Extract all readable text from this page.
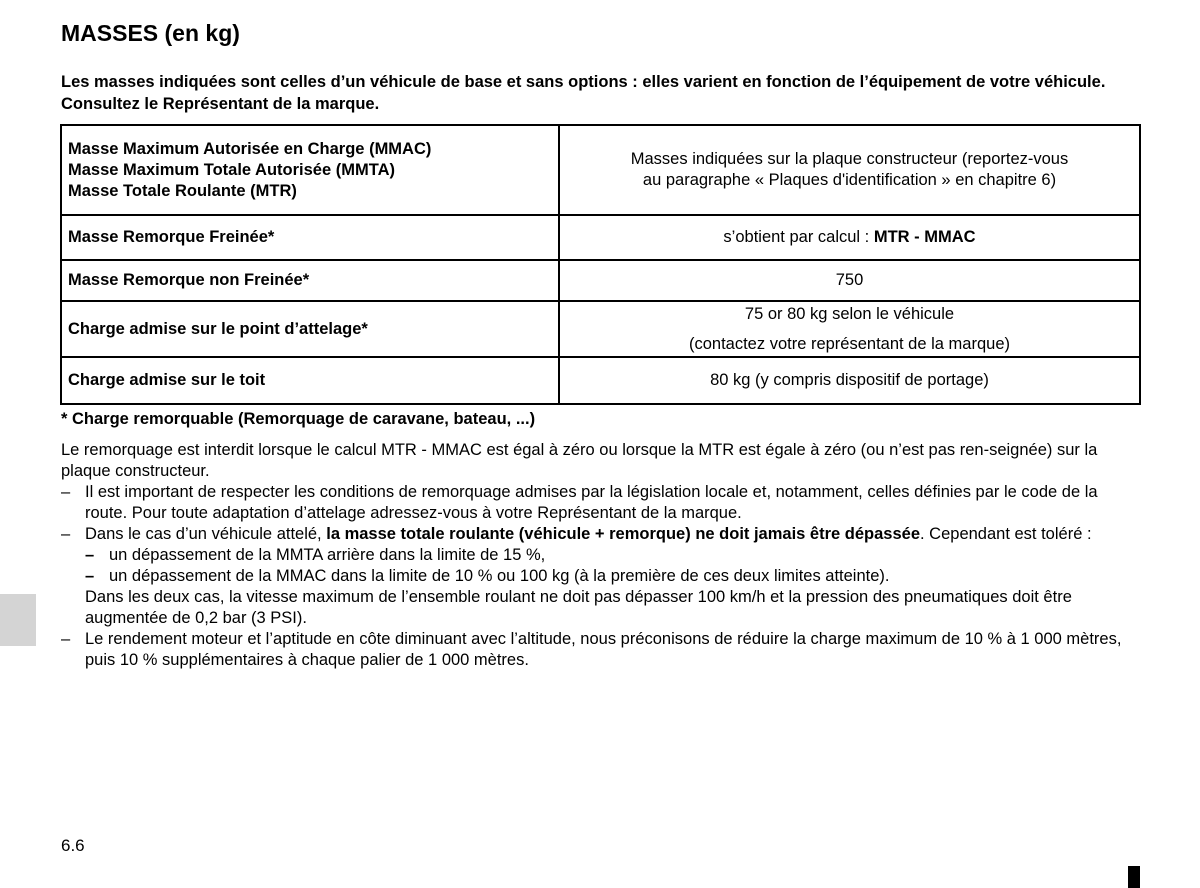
MASSES (en kg)
Les masses indiquées sont celles d’un véhicule de base et sans options : elles varient en fonction de l’équipement de votre véhicule. Consultez le Représentant de la marque.
Masse Maximum Autorisée en Charge (MMAC)
Masse Maximum Totale Autorisée (MMTA)
Masse Totale Roulante (MTR)	Masses indiquées sur la plaque constructeur (reportez-vous
au paragraphe « Plaques d'identification » en chapitre 6)

Masse Remorque Freinée*	s’obtient par calcul : MTR - MMAC
Masse Remorque non Freinée*	750
Charge admise sur le point d’attelage*	75 or 80 kg selon le véhicule
(contactez votre représentant de la marque)
Charge admise sur le toit	80 kg (y compris dispositif de portage)
* Charge remorquable (Remorquage de caravane, bateau, ...)

Le remorquage est interdit lorsque le calcul MTR - MMAC est égal à zéro ou lorsque la MTR est égale à zéro (ou n’est pas ren-seignée) sur la plaque constructeur.

– Il est important de respecter les conditions de remorquage admises par la législation locale et, notamment, celles définies par le code de la route. Pour toute adaptation d’attelage adressez-vous à votre Représentant de la marque.

– Dans le cas d’un véhicule attelé, la masse totale roulante (véhicule + remorque) ne doit jamais être dépassée. Cependant est toléré :

– un dépassement de la MMTA arrière dans la limite de 15 %,

– un dépassement de la MMAC dans la limite de 10 % ou 100 kg (à la première de ces deux limites atteinte).

Dans les deux cas, la vitesse maximum de l’ensemble roulant ne doit pas dépasser 100 km/h et la pression des pneumatiques doit être augmentée de 0,2 bar (3 PSI).

– Le rendement moteur et l’aptitude en côte diminuant avec l’altitude, nous préconisons de réduire la charge maximum de 10 % à 1 000 mètres, puis 10 % supplémentaires à chaque palier de 1 000 mètres.

6.6
